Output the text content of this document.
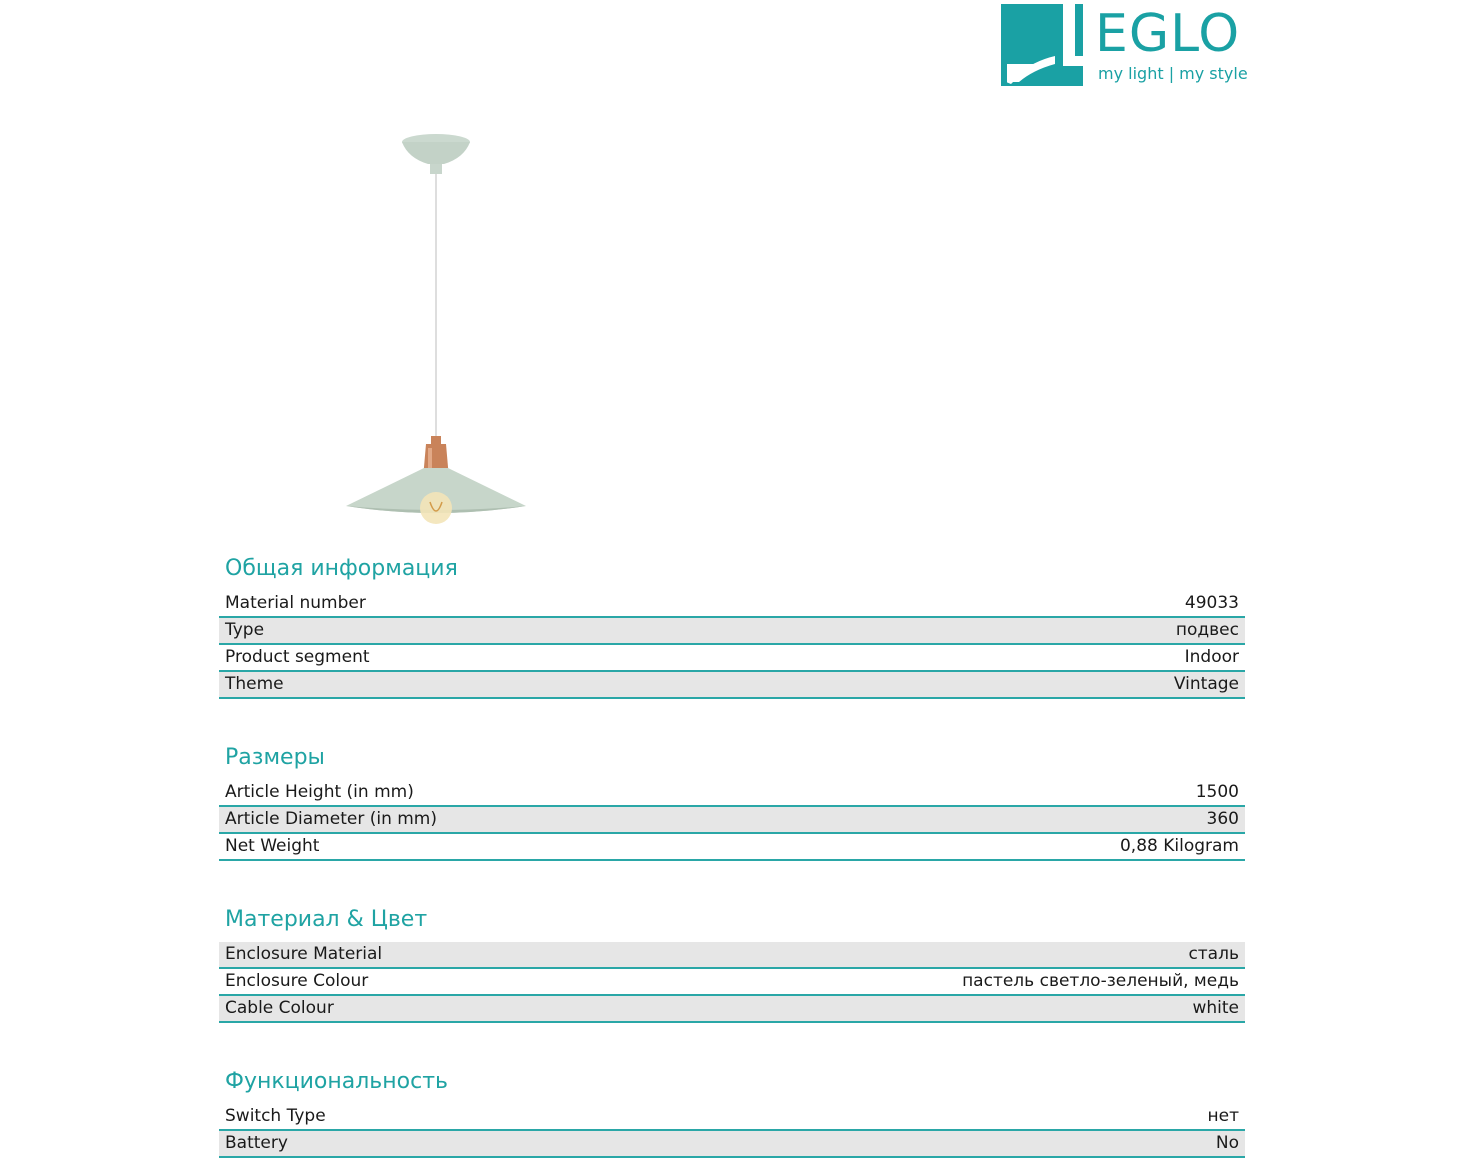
EGLO
my light | my style
Общая информация
Material number	49033
Type	подвес
Product segment	Indoor
Theme	Vintage
Размеры
Article Height (in mm)	1500
Article Diameter (in mm)	360
Net Weight	0,88 Kilogram
Материал & Цвет
Enclosure Material	сталь
Enclosure Colour	пастель светло-зеленый, медь
Cable Colour	white
Функциональность
Switch Type	нет
Battery	No
